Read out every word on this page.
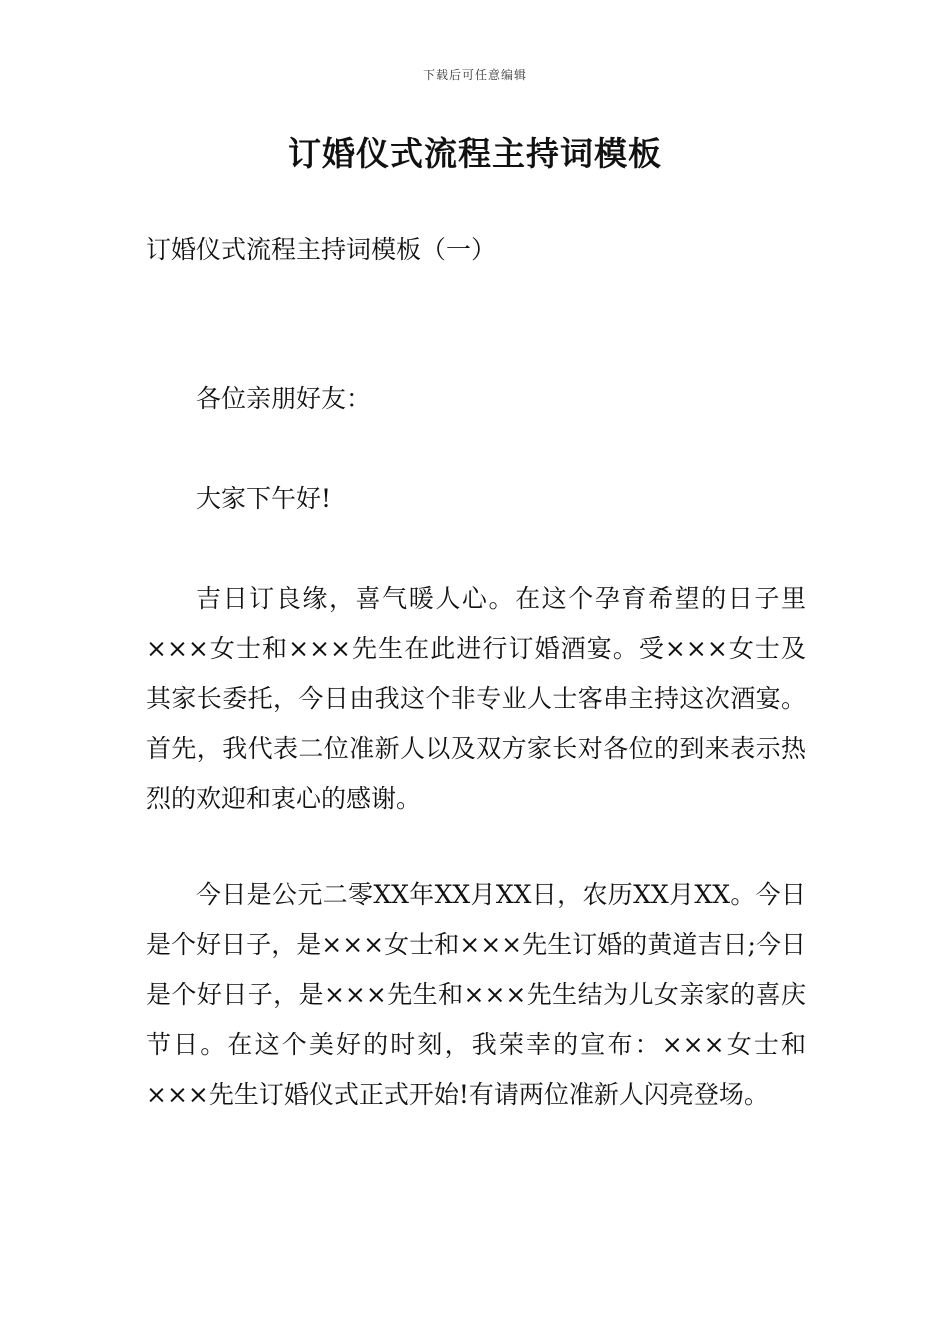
下载后可任意编辑
订婚仪式流程主持词模板

订婚仪式流程主持词模板（一）

各位亲朋好友：

大家下午好!

吉日订良缘，喜气暖人心。在这个孕育希望的日子里×××女士和×××先生在此进行订婚酒宴。受×××女士及其家长委托，今日由我这个非专业人士客串主持这次酒宴。首先，我代表二位准新人以及双方家长对各位的到来表示热烈的欢迎和衷心的感谢。

今日是公元二零XX年XX月XX日，农历XX月XX。今日是个好日子，是×××女士和×××先生订婚的黄道吉日;今日是个好日子，是×××先生和×××先生结为儿女亲家的喜庆节日。在这个美好的时刻，我荣幸的宣布：×××女士和×××先生订婚仪式正式开始!有请两位准新人闪亮登场。
